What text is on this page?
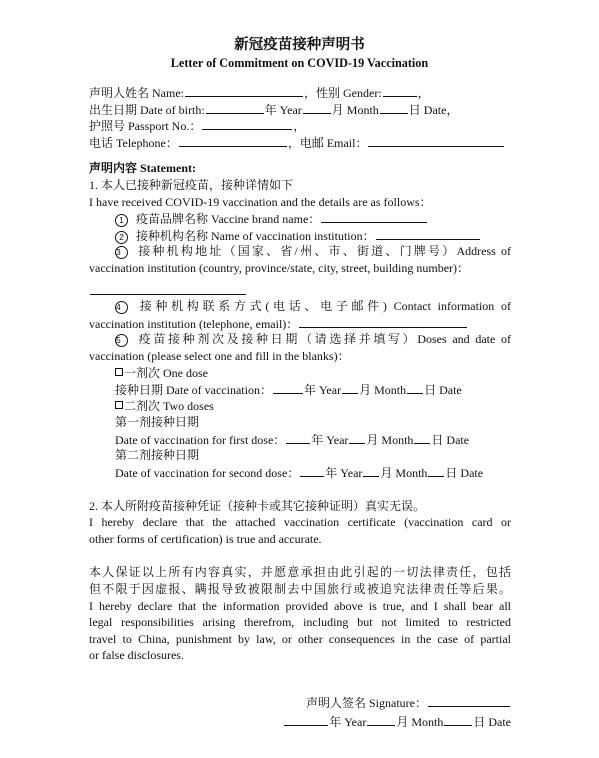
新冠疫苗接种声明书
Letter of Commitment on COVID-19 Vaccination
声明人姓名 Name:	，性别 Gender:	，
出生日期 Date of birth:	年 Year	月 Month	日 Date，
护照号 Passport No.：	，
电话 Telephone：	，电邮 Email：
声明内容 Statement:
1. 本人已接种新冠疫苗，接种详情如下
I have received COVID-19 vaccination and the details are as follows：
1 疫苗品牌名称 Vaccine brand name：
2 接种机构名称 Name of vaccination institution：
3 接种机构地址（国家、省/州、市、街道、门牌号）Address of
vaccination institution (country, province/state, city, street, building number)：
4 接种机构联系方式(电话、电子邮件) Contact information of
vaccination institution (telephone, email)：
5 疫苗接种剂次及接种日期（请选择并填写）Doses and date of
vaccination (please select one and fill in the blanks)：
一剂次 One dose
接种日期 Date of vaccination：	年 Year 月 Month 日 Date
二剂次 Two doses
第一剂接种日期
Date of vaccination for first dose： 年 Year 月 Month 日 Date
第二剂接种日期
Date of vaccination for second dose： 年 Year 月 Month 日 Date
2. 本人所附疫苗接种凭证（接种卡或其它接种证明）真实无误。
I hereby declare that the attached vaccination certificate (vaccination card or
other forms of certification) is true and accurate.
本人保证以上所有内容真实，并愿意承担由此引起的一切法律责任，包括
但不限于因虚报、瞒报导致被限制去中国旅行或被追究法律责任等后果。
I hereby declare that the information provided above is true, and I shall bear all
legal responsibilities arising therefrom, including but not limited to restricted
travel to China, punishment by law, or other consequences in the case of partial
or false disclosures.
声明人签名 Signature：
年 Year	月 Month	日 Date
